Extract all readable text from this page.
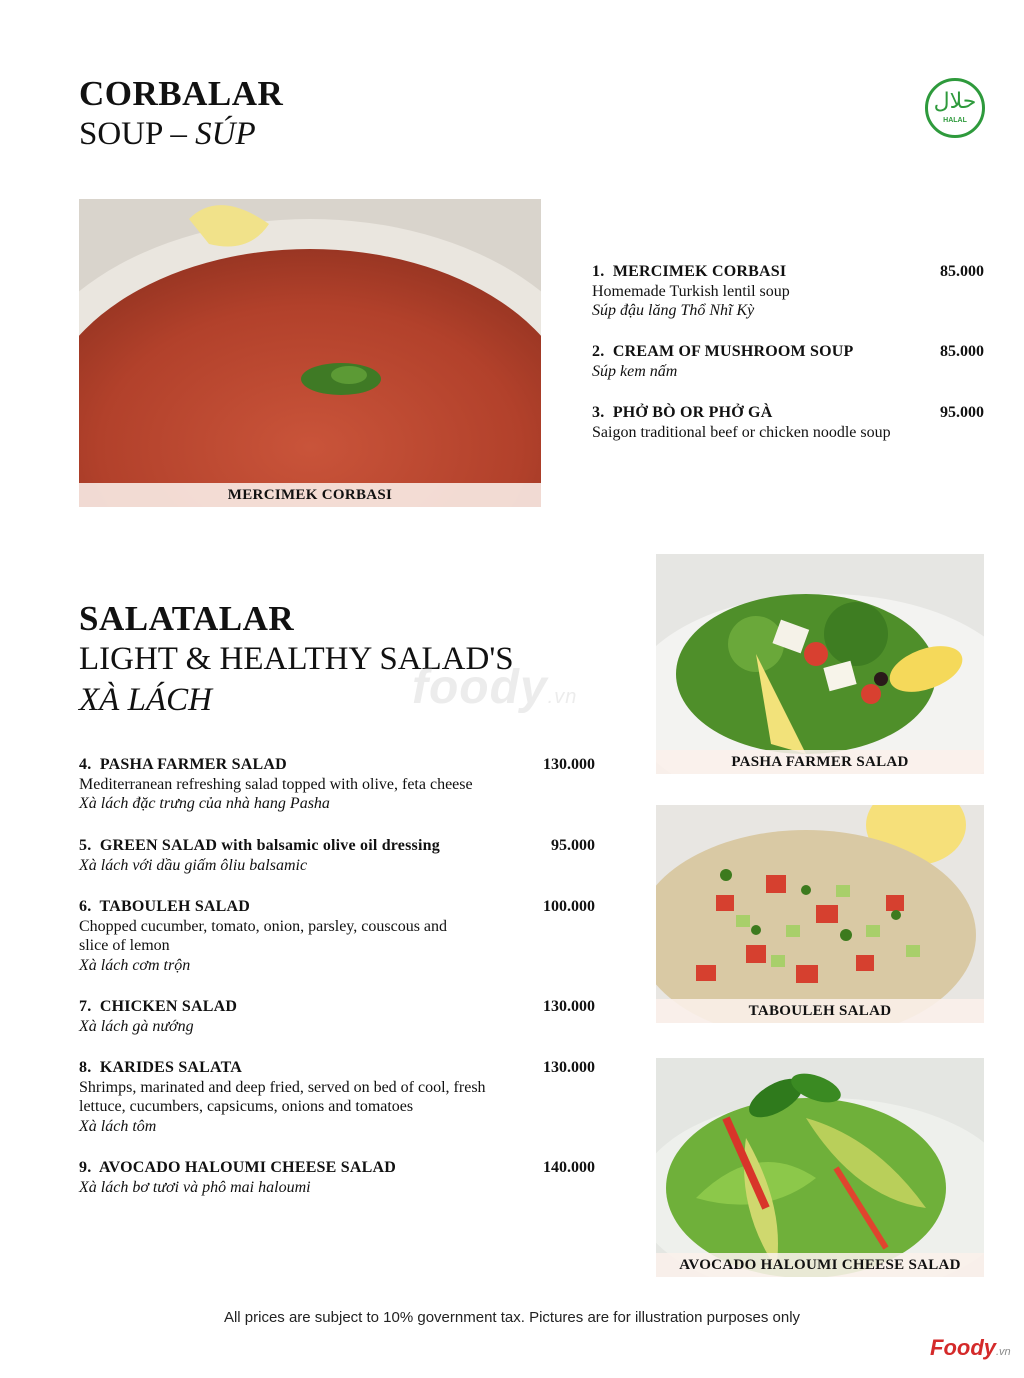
CORBALAR
SOUP – SÚP
حلال
HALAL
MERCIMEK CORBASI
1. MERCIMEK CORBASI	85.000
Homemade Turkish lentil soup
Súp đậu lăng Thổ Nhĩ Kỳ
2. CREAM OF MUSHROOM SOUP	85.000
Súp kem nấm
3. PHỞ BÒ OR PHỞ GÀ	95.000
Saigon traditional beef or chicken noodle soup
SALATALAR
LIGHT & HEALTHY SALAD'S
XÀ LÁCH	foody.vn
4. PASHA FARMER SALAD	130.000
Mediterranean refreshing salad topped with olive, feta cheese
Xà lách đặc trưng của nhà hang Pasha
5. GREEN SALAD with balsamic olive oil dressing	95.000
Xà lách với dầu giấm ôliu balsamic
6. TABOULEH SALAD	100.000
Chopped cucumber, tomato, onion, parsley, couscous and slice of lemon
Xà lách cơm trộn
7. CHICKEN SALAD	130.000
Xà lách gà nướng
8. KARIDES SALATA	130.000
Shrimps, marinated and deep fried, served on bed of cool, fresh lettuce, cucumbers, capsicums, onions and tomatoes
Xà lách tôm
9. AVOCADO HALOUMI CHEESE SALAD	140.000
Xà lách bơ tươi và phô mai haloumi
PASHA FARMER SALAD
TABOULEH SALAD
AVOCADO HALOUMI CHEESE SALAD
All prices are subject to 10% government tax. Pictures are for illustration purposes only
Foody.vn
